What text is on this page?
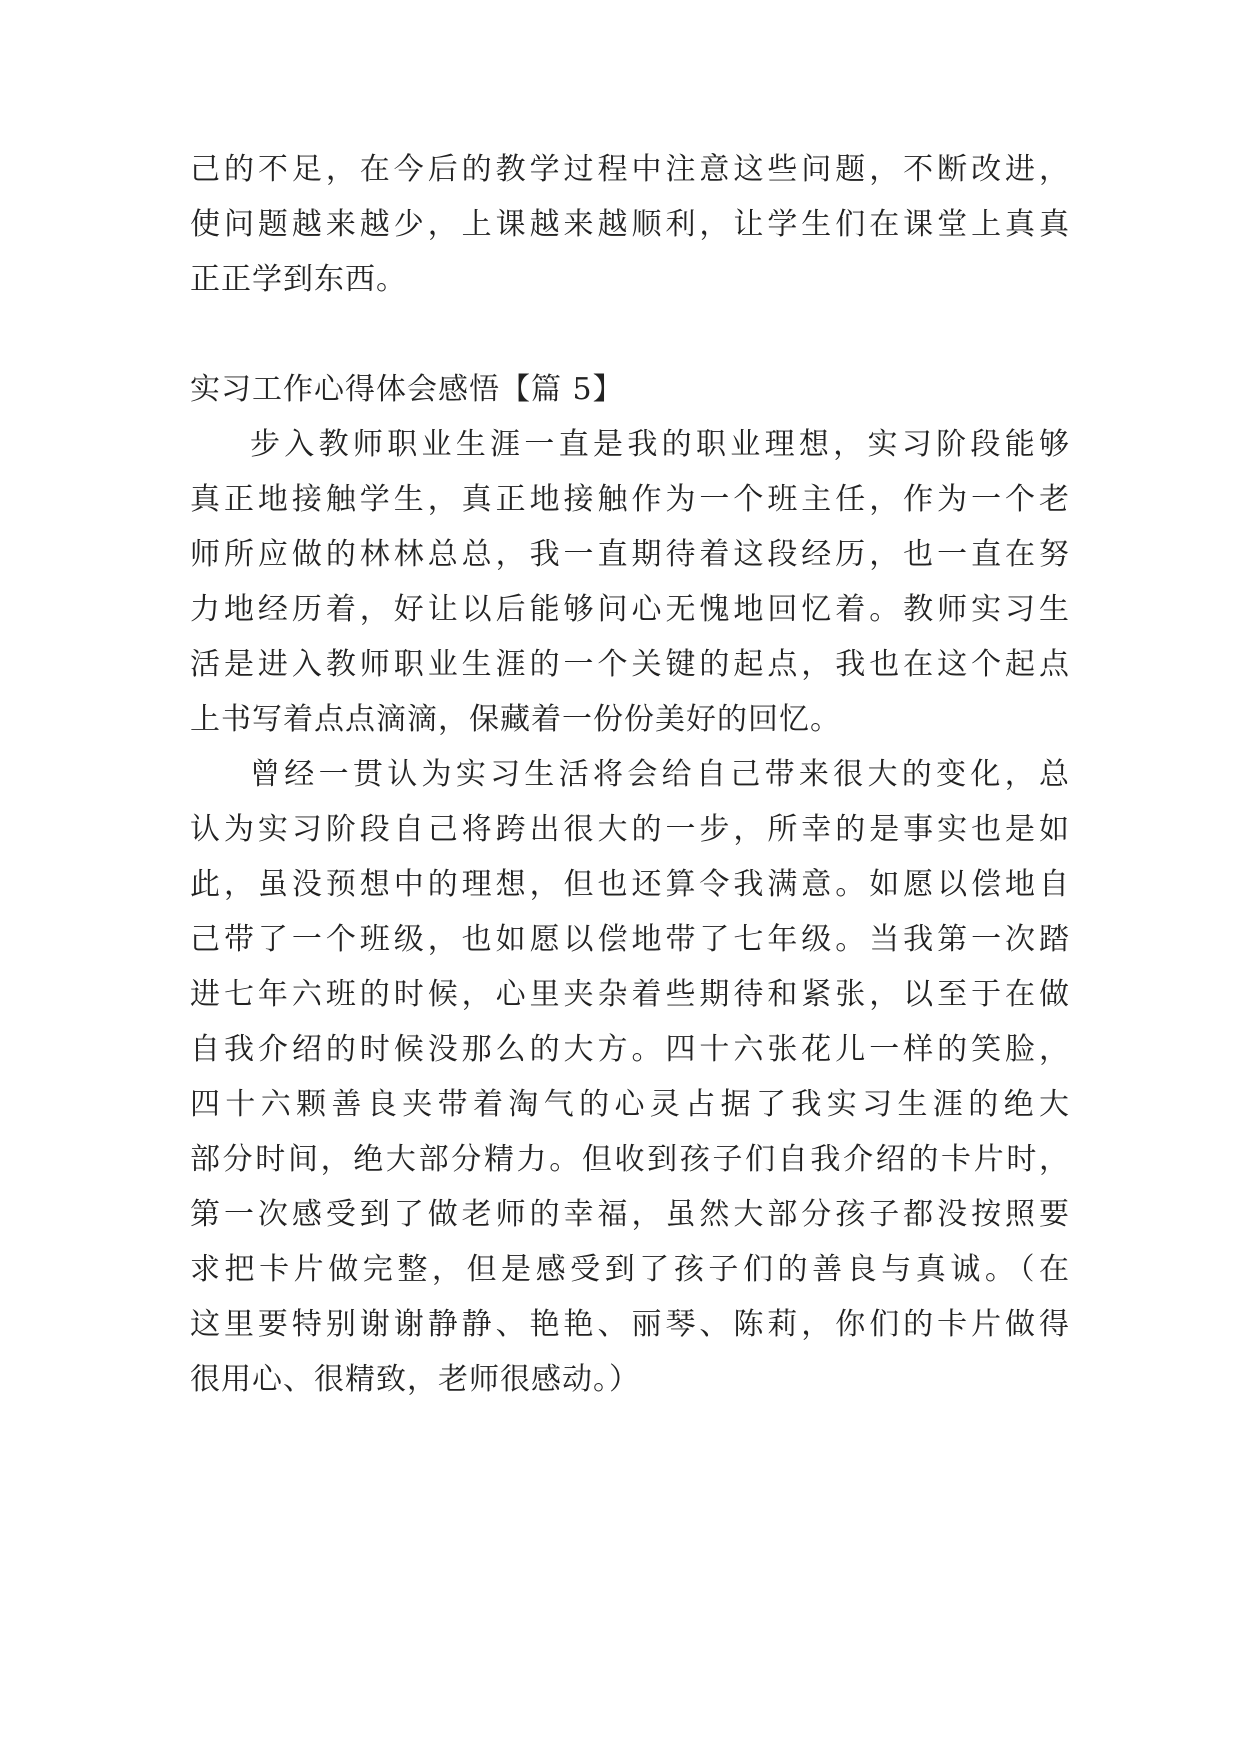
己的不足，在今后的教学过程中注意这些问题，不断改进，
使问题越来越少，上课越来越顺利，让学生们在课堂上真真
正正学到东西。
实习工作心得体会感悟【篇 5】
步入教师职业生涯一直是我的职业理想，实习阶段能够
真正地接触学生，真正地接触作为一个班主任，作为一个老
师所应做的林林总总，我一直期待着这段经历，也一直在努
力地经历着，好让以后能够问心无愧地回忆着。教师实习生
活是进入教师职业生涯的一个关键的起点，我也在这个起点
上书写着点点滴滴，保藏着一份份美好的回忆。
曾经一贯认为实习生活将会给自己带来很大的变化，总
认为实习阶段自己将跨出很大的一步，所幸的是事实也是如
此，虽没预想中的理想，但也还算令我满意。如愿以偿地自
己带了一个班级，也如愿以偿地带了七年级。当我第一次踏
进七年六班的时候，心里夹杂着些期待和紧张，以至于在做
自我介绍的时候没那么的大方。四十六张花儿一样的笑脸，
四十六颗善良夹带着淘气的心灵占据了我实习生涯的绝大
部分时间，绝大部分精力。但收到孩子们自我介绍的卡片时，
第一次感受到了做老师的幸福，虽然大部分孩子都没按照要
求把卡片做完整，但是感受到了孩子们的善良与真诚。（在
这里要特别谢谢静静、艳艳、丽琴、陈莉，你们的卡片做得
很用心、很精致，老师很感动。）
